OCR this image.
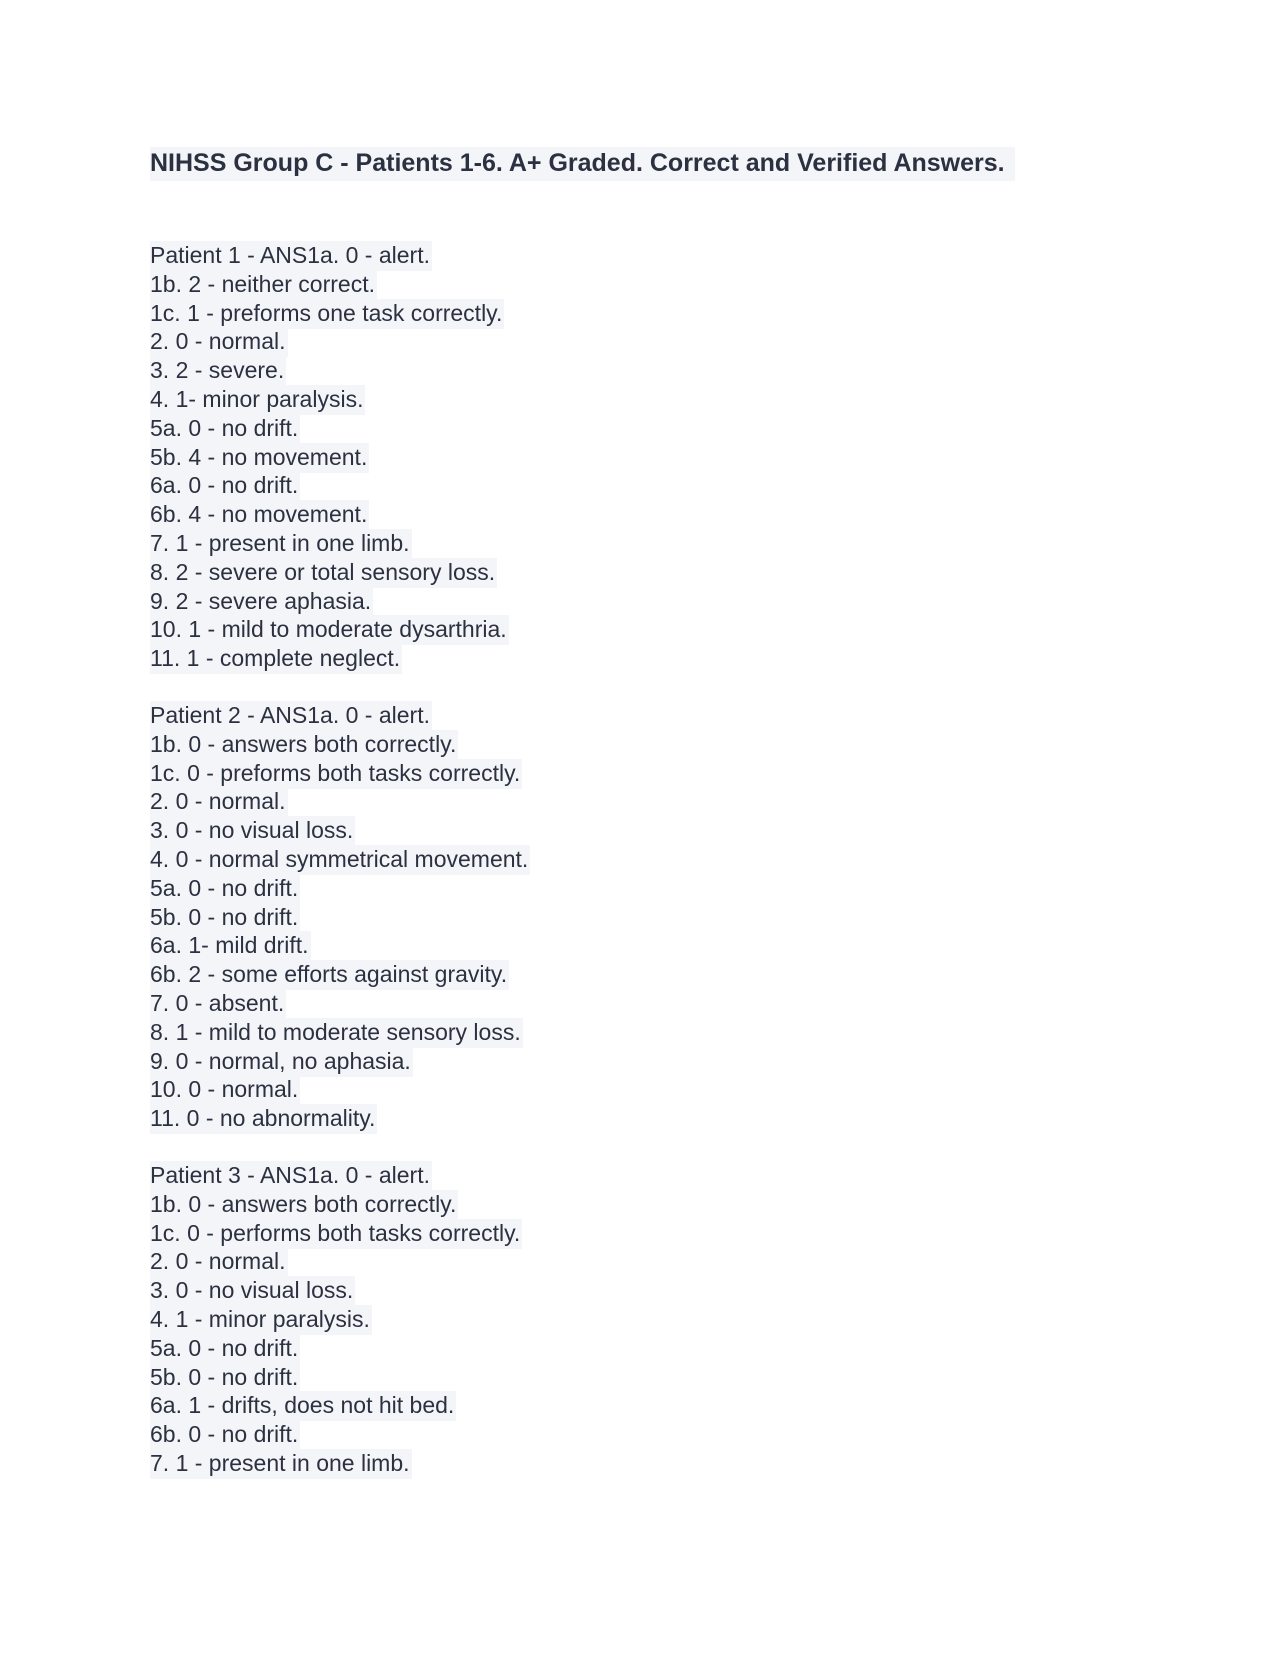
NIHSS Group C - Patients 1-6. A+ Graded. Correct and Verified Answers.
Patient 1 - ANS1a. 0 - alert.
1b. 2 - neither correct.
1c. 1 - preforms one task correctly.
2. 0 - normal.
3. 2 - severe.
4. 1- minor paralysis.
5a. 0 - no drift.
5b. 4 - no movement.
6a. 0 - no drift.
6b. 4 - no movement.
7. 1 - present in one limb.
8. 2 - severe or total sensory loss.
9. 2 - severe aphasia.
10. 1 - mild to moderate dysarthria.
11. 1 - complete neglect.
Patient 2 - ANS1a. 0 - alert.
1b. 0 - answers both correctly.
1c. 0 - preforms both tasks correctly.
2. 0 - normal.
3. 0 - no visual loss.
4. 0 - normal symmetrical movement.
5a. 0 - no drift.
5b. 0 - no drift.
6a. 1- mild drift.
6b. 2 - some efforts against gravity.
7. 0 - absent.
8. 1 - mild to moderate sensory loss.
9. 0 - normal, no aphasia.
10. 0 - normal.
11. 0 - no abnormality.
Patient 3 - ANS1a. 0 - alert.
1b. 0 - answers both correctly.
1c. 0 - performs both tasks correctly.
2. 0 - normal.
3. 0 - no visual loss.
4. 1 - minor paralysis.
5a. 0 - no drift.
5b. 0 - no drift.
6a. 1 - drifts, does not hit bed.
6b. 0 - no drift.
7. 1 - present in one limb.
